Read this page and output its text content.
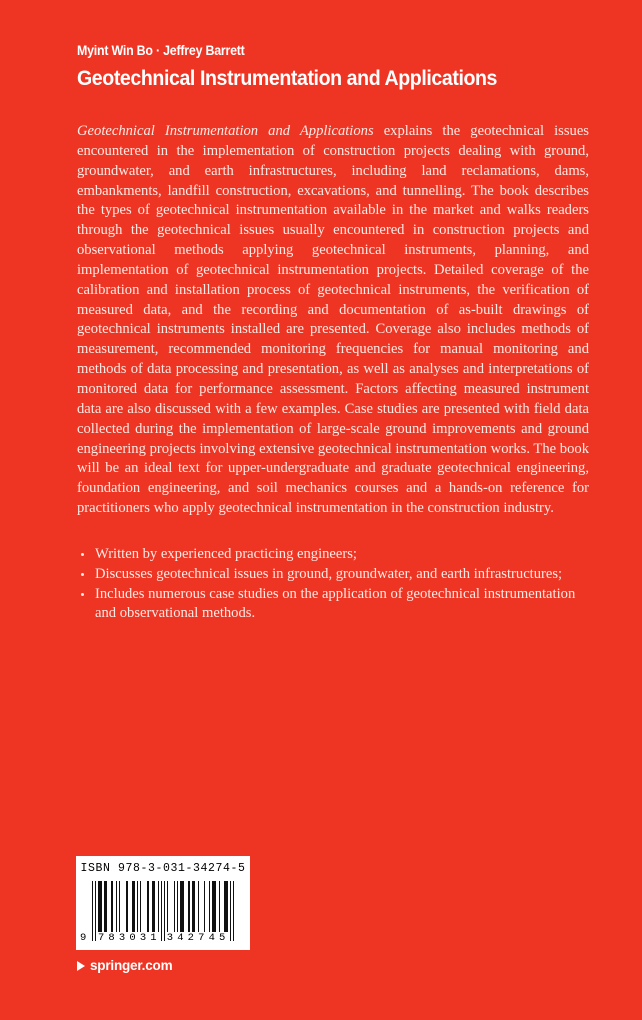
Myint Win Bo · Jeffrey Barrett
Geotechnical Instrumentation and Applications
Geotechnical Instrumentation and Applications explains the geotechnical issues encountered in the implementation of construction projects dealing with ground, groundwater, and earth infrastructures, including land reclamations, dams, embankments, landfill construction, excavations, and tunnelling. The book describes the types of geotechnical instrumentation available in the market and walks readers through the geotechnical issues usually encountered in construction projects and observational methods applying geotechnical instruments, planning, and implementation of geotechnical instrumentation projects. Detailed coverage of the calibration and installation process of geotechnical instruments, the verification of measured data, and the recording and documentation of as-built drawings of geotechnical instruments installed are presented. Coverage also includes methods of measurement, recommended monitoring frequencies for manual monitoring and methods of data processing and presentation, as well as analyses and interpretations of monitored data for performance assessment. Factors affecting measured instrument data are also discussed with a few examples. Case studies are presented with field data collected during the implementation of large-scale ground improvements and ground engineering projects involving extensive geotechnical instrumentation works. The book will be an ideal text for upper-undergraduate and graduate geotechnical engineering, foundation engineering, and soil mechanics courses and a hands-on reference for practitioners who apply geotechnical instrumentation in the construction industry.
Written by experienced practicing engineers;
Discusses geotechnical issues in ground, groundwater, and earth infrastructures;
Includes numerous case studies on the application of geotechnical instrumentation and observational methods.
ISBN 978-3-031-34274-5
9 783031 342745
springer.com
